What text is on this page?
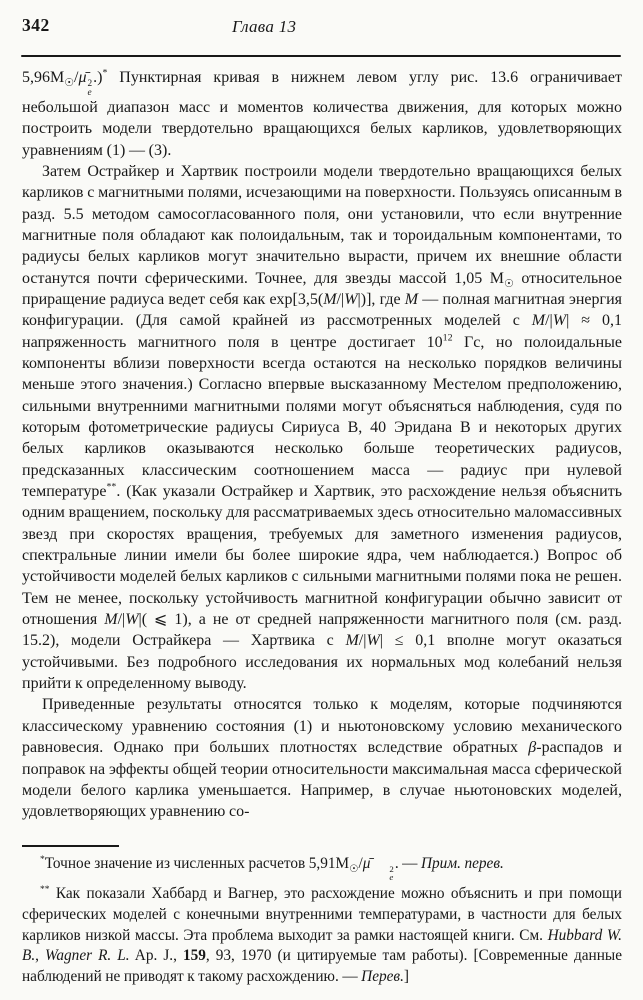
342	Глава 13

$5,96M_☉/\mū$ 2
e
.)* Пунктирная кривая в нижнем левом углу рис. 13.6 ограничивает небольшой диапазон масс и моментов количества движения, для которых можно построить модели твердотельно вращающихся белых карликов, удовлетворяющих уравнениям (1) — (3).

Затем Острайкер и Хартвик построили модели твердотельно вращающихся белых карликов с магнитными полями, исчезающими на поверхности. Пользуясь описанным в разд. 5.5 методом самосогласованного поля, они установили, что если внутренние магнитные поля обладают как полоидальным, так и тороидальным компонентами, то радиусы белых карликов могут значительно вырасти, причем их внешние области останутся почти сферическими. Точнее, для звезды массой 1,05 $M_☉$ относительное приращение радиуса ведет себя как exp[3,5(M/|W|)], где M — полная магнитная энергия конфигурации. (Для самой крайней из рассмотренных моделей с M/|W| ≈ 0,1 напряженность магнитного поля в центре достигает $10^{12}$ Гс, но полоидальные компоненты вблизи поверхности всегда остаются на несколько порядков величины меньше этого значения.) Согласно впервые высказанному Местелом предположению, сильными внутренними магнитными полями могут объясняться наблюдения, судя по которым фотометрические радиусы Сириуса B, 40 Эридана B и некоторых других белых карликов оказываются несколько больше теоретических радиусов, предсказанных классическим соотношением масса — радиус при нулевой температуре**. (Как указали Острайкер и Хартвик, это расхождение нельзя объяснить одним вращением, поскольку для рассматриваемых здесь относительно маломассивных звезд при скоростях вращения, требуемых для заметного изменения радиусов, спектральные линии имели бы более широкие ядра, чем наблюдается.) Вопрос об устойчивости моделей белых карликов с сильными магнитными полями пока не решен. Тем не менее, поскольку устойчивость магнитной конфигурации обычно зависит от отношения M/|W|( ⩽ 1), а не от средней напряженности магнитного поля (см. разд. 15.2), модели Острайкера — Хартвика с M/|W| ≤ 0,1 вполне могут оказаться устойчивыми. Без подробного исследования их нормальных мод колебаний нельзя прийти к определенному выводу.

Приведенные результаты относятся только к моделям, которые подчиняются классическому уравнению состояния (1) и ньютоновскому условию механического равновесия. Однако при больших плотностях вследствие обратных β-распадов и поправок на эффекты общей теории относительности максимальная масса сферической модели белого карлика уменьшается. Например, в случае ньютоновских моделей, удовлетворяющих уравнению со-

*Точное значение из численных расчетов $5,91M_☉/\mū$	2
e
. — Прим. перев.

** Как показали Хаббард и Вагнер, это расхождение можно объяснить и при помощи сферических моделей с конечными внутренними температурами, в частности для белых карликов низкой массы. Эта проблема выходит за рамки настоящей книги. См. Hubbard W. B., Wagner R. L. Ap. J., 159, 93, 1970 (и цитируемые там работы). [Современные данные наблюдений не приводят к такому расхождению. — Перев.]
